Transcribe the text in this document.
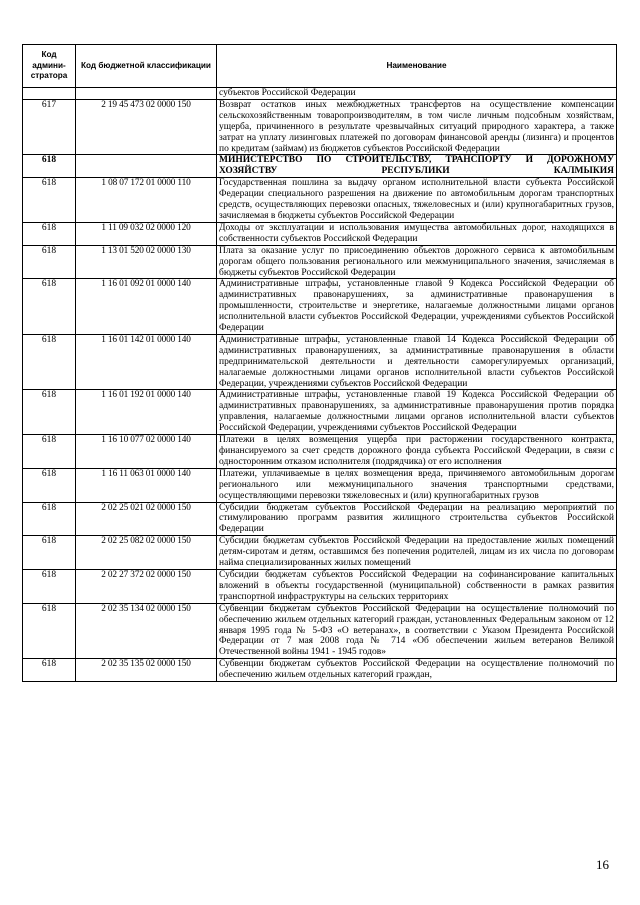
Код админи-стратора	Код бюджетной классификации	Наименование
		субъектов Российской Федерации
617	2 19 45 473 02 0000 150	Возврат остатков иных межбюджетных трансфертов на осуществление компенсации сельскохозяйственным товаропроизводителям, в том числе личным подсобным хозяйствам, ущерба, причиненного в результате чрезвычайных ситуаций природного характера, а также затрат на уплату лизинговых платежей по договорам финансовой аренды (лизинга) и процентов по кредитам (займам) из бюджетов субъектов Российской Федерации
618		МИНИСТЕРСТВО ПО СТРОИТЕЛЬСТВУ, ТРАНСПОРТУ И ДОРОЖНОМУ ХОЗЯЙСТВУ РЕСПУБЛИКИ КАЛМЫКИЯ
618	1 08 07 172 01 0000 110	Государственная пошлина за выдачу органом исполнительной власти субъекта Российской Федерации специального разрешения на движение по автомобильным дорогам транспортных средств, осуществляющих перевозки опасных, тяжеловесных и (или) крупногабаритных грузов, зачисляемая в бюджеты субъектов Российской Федерации
618	1 11 09 032 02 0000 120	Доходы от эксплуатации и использования имущества автомобильных дорог, находящихся в собственности субъектов Российской Федерации
618	1 13 01 520 02 0000 130	Плата за оказание услуг по присоединению объектов дорожного сервиса к автомобильным дорогам общего пользования регионального или межмуниципального значения, зачисляемая в бюджеты субъектов Российской Федерации
618	1 16 01 092 01 0000 140	Административные штрафы, установленные главой 9 Кодекса Российской Федерации об административных правонарушениях, за административные правонарушения в промышленности, строительстве и энергетике, налагаемые должностными лицами органов исполнительной власти субъектов Российской Федерации, учреждениями субъектов Российской Федерации
618	1 16 01 142 01 0000 140	Административные штрафы, установленные главой 14 Кодекса Российской Федерации об административных правонарушениях, за административные правонарушения в области предпринимательской деятельности и деятельности саморегулируемых организаций, налагаемые должностными лицами органов исполнительной власти субъектов Российской Федерации, учреждениями субъектов Российской Федерации
618	1 16 01 192 01 0000 140	Административные штрафы, установленные главой 19 Кодекса Российской Федерации об административных правонарушениях, за административные правонарушения против порядка управления, налагаемые должностными лицами органов исполнительной власти субъектов Российской Федерации, учреждениями субъектов Российской Федерации
618	1 16 10 077 02 0000 140	Платежи в целях возмещения ущерба при расторжении государственного контракта, финансируемого за счет средств дорожного фонда субъекта Российской Федерации, в связи с односторонним отказом исполнителя (подрядчика) от его исполнения
618	1 16 11 063 01 0000 140	Платежи, уплачиваемые в целях возмещения вреда, причиняемого автомобильным дорогам регионального или межмуниципального значения транспортными средствами, осуществляющими перевозки тяжеловесных и (или) крупногабаритных грузов
618	2 02 25 021 02 0000 150	Субсидии бюджетам субъектов Российской Федерации на реализацию мероприятий по стимулированию программ развития жилищного строительства субъектов Российской Федерации
618	2 02 25 082 02 0000 150	Субсидии бюджетам субъектов Российской Федерации на предоставление жилых помещений детям-сиротам и детям, оставшимся без попечения родителей, лицам из их числа по договорам найма специализированных жилых помещений
618	2 02 27 372 02 0000 150	Субсидии бюджетам субъектов Российской Федерации на софинансирование капитальных вложений в объекты государственной (муниципальной) собственности в рамках развития транспортной инфраструктуры на сельских территориях
618	2 02 35 134 02 0000 150	Субвенции бюджетам субъектов Российской Федерации на осуществление полномочий по обеспечению жильем отдельных категорий граждан, установленных Федеральным законом от 12 января 1995 года № 5-ФЗ «О ветеранах», в соответствии с Указом Президента Российской Федерации от 7 мая 2008 года № 714 «Об обеспечении жильем ветеранов Великой Отечественной войны 1941 - 1945 годов»
618	2 02 35 135 02 0000 150	Субвенции бюджетам субъектов Российской Федерации на осуществление полномочий по обеспечению жильем отдельных категорий граждан,
16
